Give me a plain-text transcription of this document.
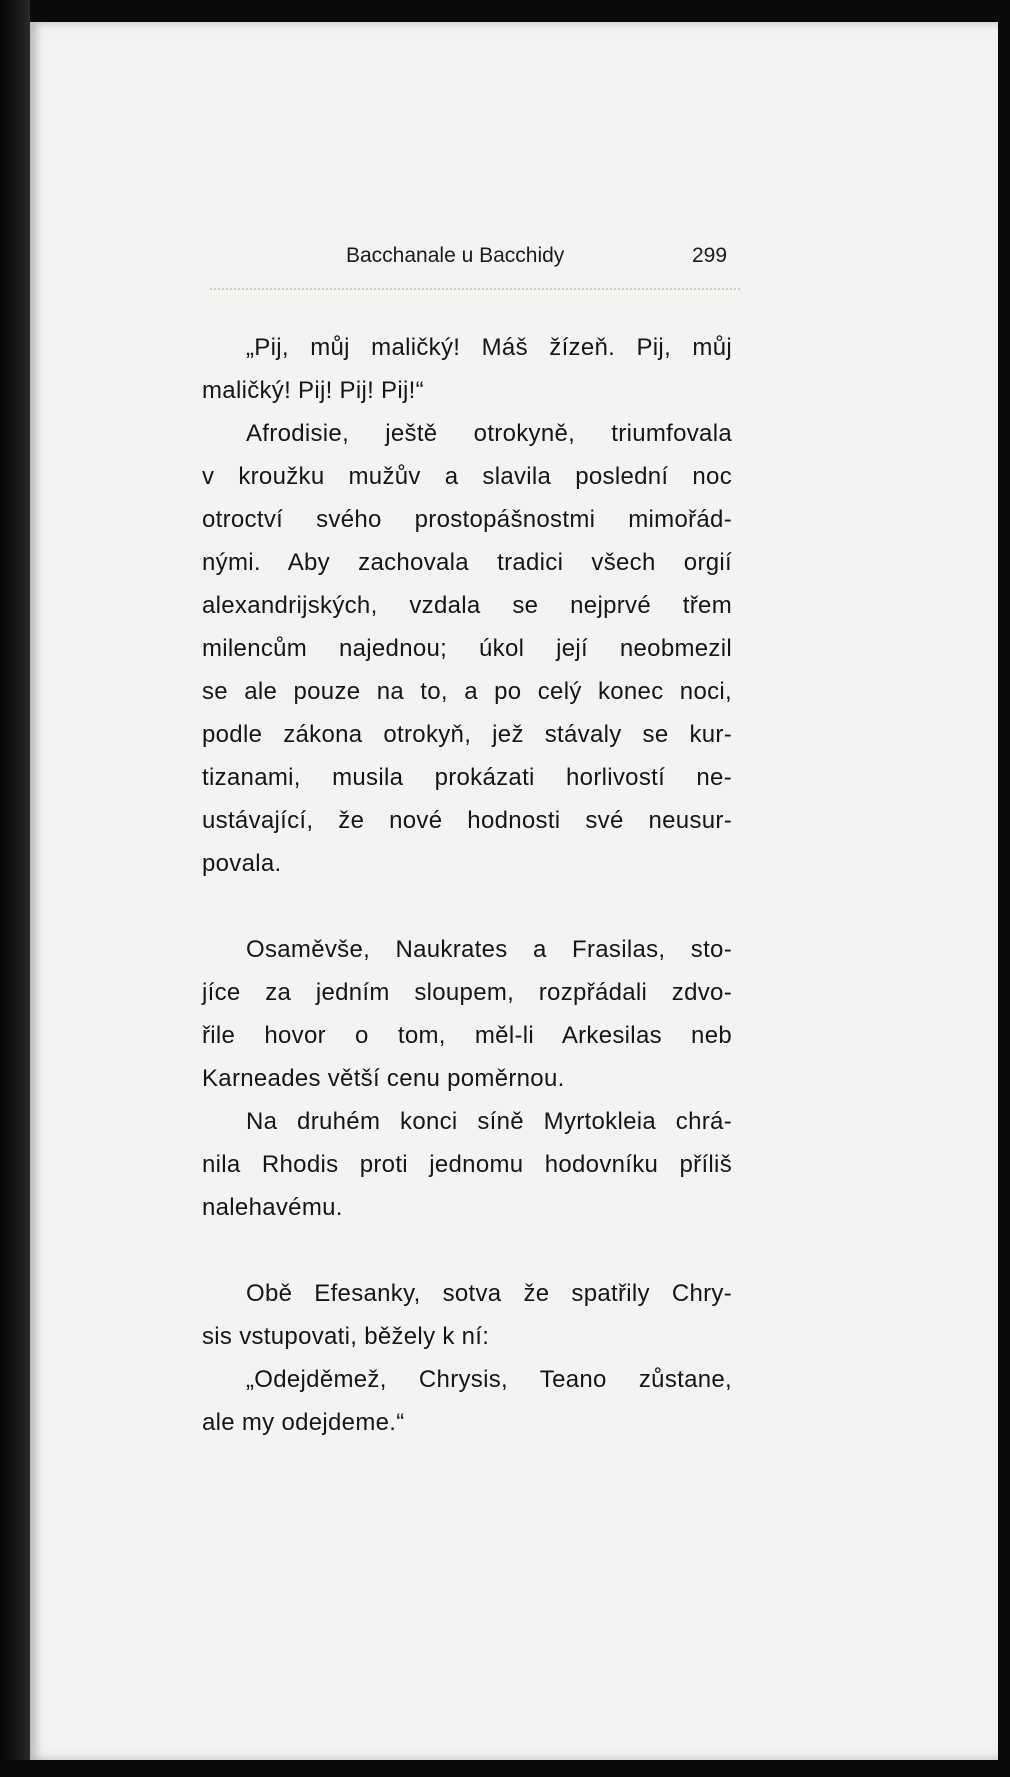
Bacchanale u Bacchidy	299
„Pij, můj maličký! Máš žízeň. Pij, můj
maličký! Pij! Pij! Pij!“
Afrodisie, ještě otrokyně, triumfovala
v kroužku mužův a slavila poslední noc
otroctví svého prostopášnostmi mimořád-
nými. Aby zachovala tradici všech orgií
alexandrijských, vzdala se nejprvé třem
milencům najednou; úkol její neobmezil
se ale pouze na to, a po celý konec noci,
podle zákona otrokyň, jež stávaly se kur-
tizanami, musila prokázati horlivostí ne-
ustávající, že nové hodnosti své neusur-
povala.
Osaměvše, Naukrates a Frasilas, sto-
jíce za jedním sloupem, rozpřádali zdvo-
řile hovor o tom, měl-li Arkesilas neb
Karneades větší cenu poměrnou.
Na druhém konci síně Myrtokleia chrá-
nila Rhodis proti jednomu hodovníku příliš
nalehavému.
Obě Efesanky, sotva že spatřily Chry-
sis vstupovati, běžely k ní:
„Odejděmež, Chrysis, Teano zůstane,
ale my odejdeme.“
